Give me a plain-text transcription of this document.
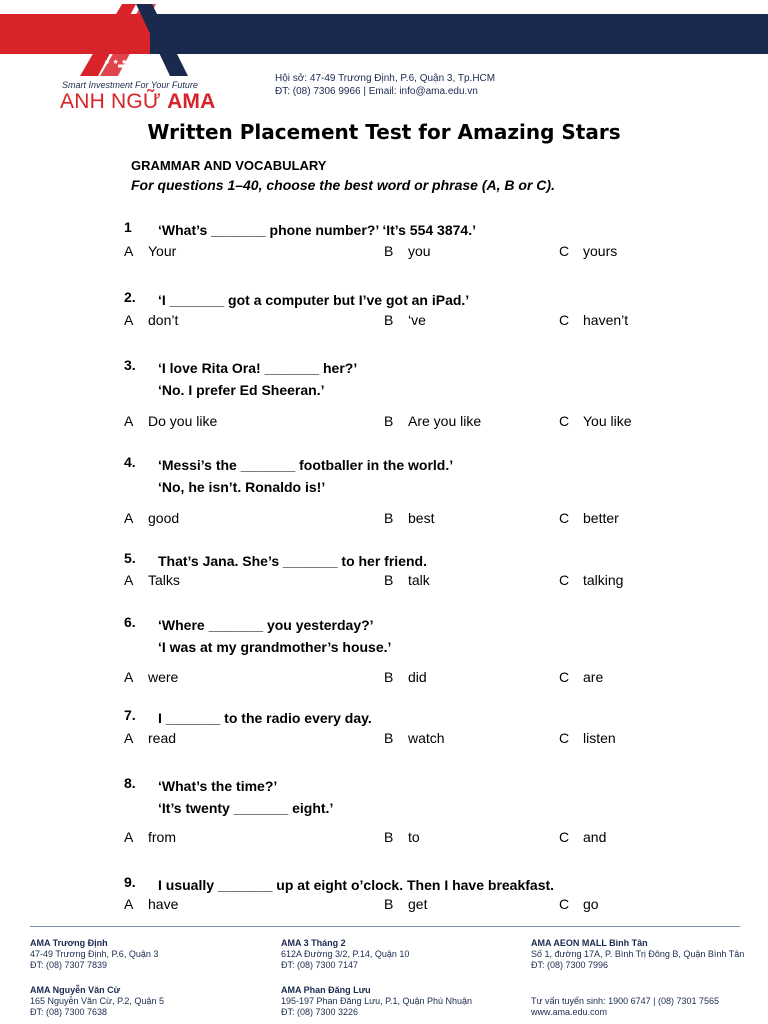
★ ★ ★ ★ ★
Smart Investment For Your Future
ANH NGỮ AMA
Hội sở: 47-49 Trương Định, P.6, Quận 3, Tp.HCM
ĐT: (08) 7306 9966 | Email: info@ama.edu.vn
Written Placement Test for Amazing Stars
GRAMMAR AND VOCABULARY
For questions 1–40, choose the best word or phrase (A, B or C).
1	‘What’s _______ phone number?’ ‘It’s 554 3874.’
A Your	B you	C yours
2.	‘I _______ got a computer but I’ve got an iPad.’
A don’t	B ‘ve	C haven’t
3.	‘I love Rita Ora! _______ her?’
‘No. I prefer Ed Sheeran.’
A Do you like	B Are you like	C You like
4.	‘Messi’s the _______ footballer in the world.’
‘No, he isn’t. Ronaldo is!’
A good	B best	C better
5.	That’s Jana. She’s _______ to her friend.
A Talks	B talk	C talking
6.	‘Where _______ you yesterday?’
‘I was at my grandmother’s house.’
A were	B did	C are
7.	I _______ to the radio every day.
A read	B watch	C listen
8.	‘What’s the time?’
‘It’s twenty _______ eight.’
A from	B to	C and
9.	I usually _______ up at eight o’clock. Then I have breakfast.
A have	B get	C go
AMA Trương Định
47-49 Trương Định, P.6, Quận 3
ĐT: (08) 7307 7839
AMA Nguyễn Văn Cừ
165 Nguyễn Văn Cừ, P.2, Quận 5
ĐT: (08) 7300 7638
AMA 3 Tháng 2
612A Đường 3/2, P.14, Quận 10
ĐT: (08) 7300 7147
AMA Phan Đăng Lưu
195-197 Phan Đăng Lưu, P.1, Quận Phú Nhuận
ĐT: (08) 7300 3226
AMA AEON MALL Bình Tân
Số 1, đường 17A, P. Bình Trị Đông B, Quận Bình Tân
ĐT: (08) 7300 7996

Tư vấn tuyển sinh: 1900 6747 | (08) 7301 7565
www.ama.edu.com
